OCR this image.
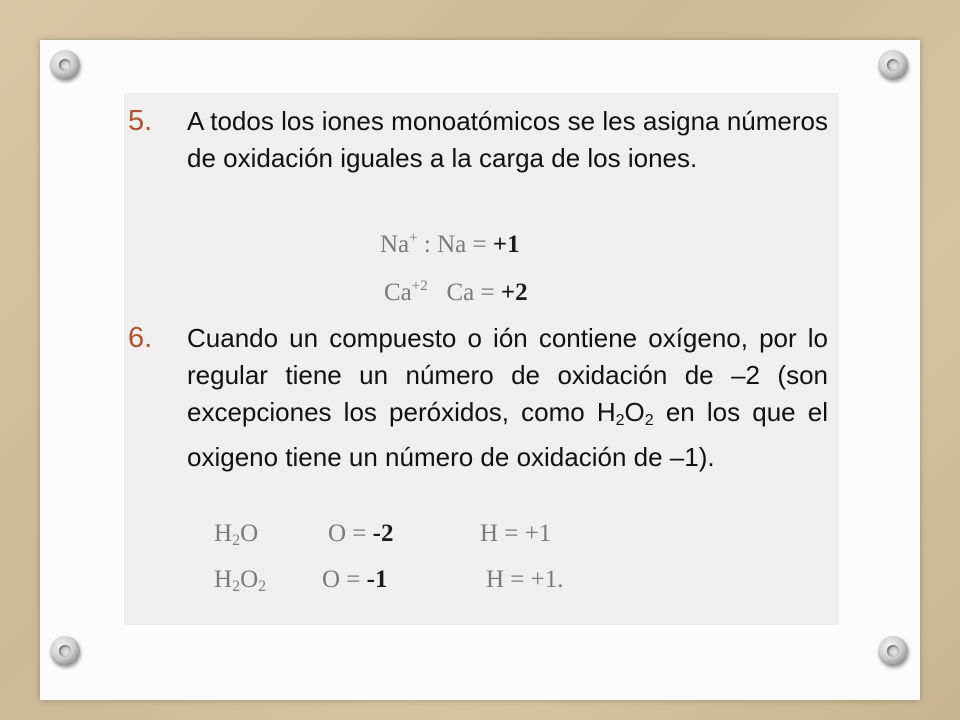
5.	A todos los iones monoatómicos se les asigna números de oxidación iguales a la carga de los iones.
Na+ : Na = +1
$Ca^{+2}$ Ca = +2
6.	Cuando un compuesto o ión contiene oxígeno, por lo regular tiene un número de oxidación de –2 (son excepciones los peróxidos, como $H_2O_2$ en los que el oxigeno tiene un número de oxidación de –1).
$H_2O$	O = -2	H = +1
$H_2O_2$ O = -1	H = +1.
